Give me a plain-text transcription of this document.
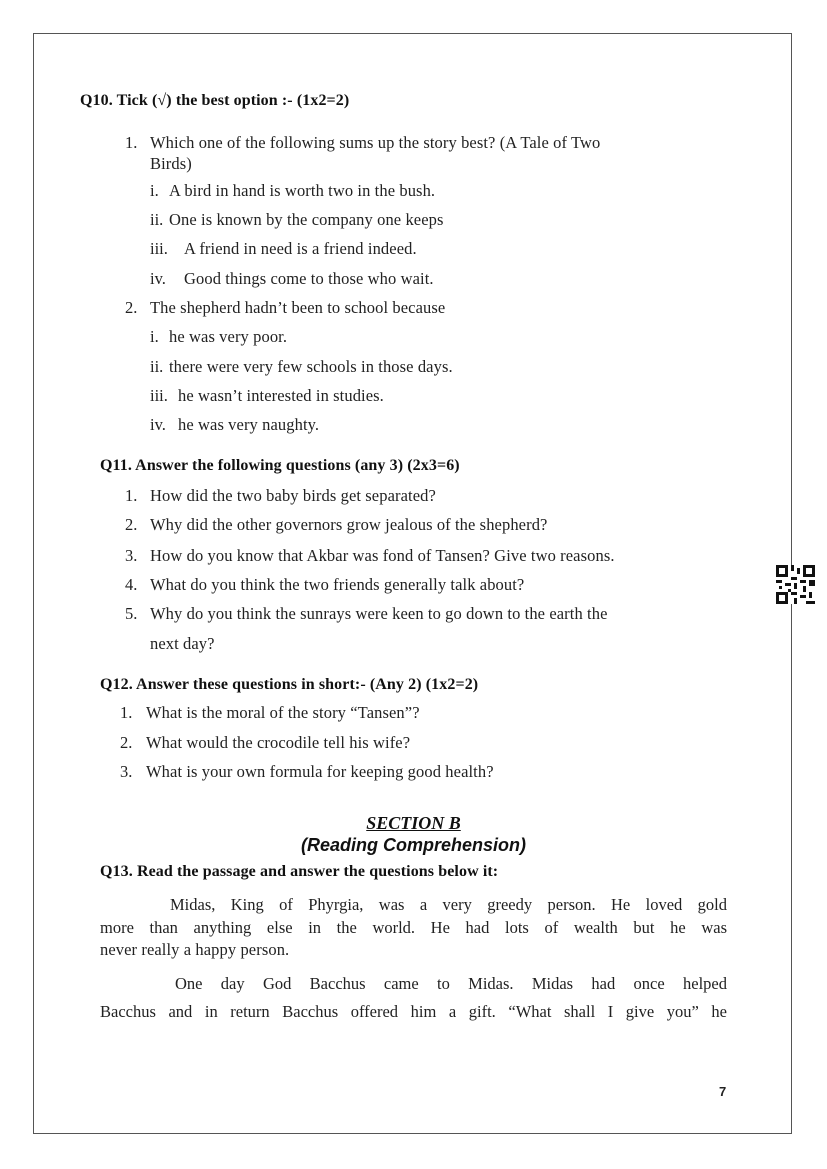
Q10. Tick (√) the best option :- (1x2=2)
1. Which one of the following sums up the story best? (A Tale of Two
Birds)
i. A bird in hand is worth two in the bush.
ii. One is known by the company one keeps
iii. A friend in need is a friend indeed.
iv. Good things come to those who wait.
2. The shepherd hadn’t been to school because
i. he was very poor.
ii. there were very few schools in those days.
iii. he wasn’t interested in studies.
iv. he was very naughty.
Q11. Answer the following questions (any 3) (2x3=6)
1. How did the two baby birds get separated?
2. Why did the other governors grow jealous of the shepherd?
3. How do you know that Akbar was fond of Tansen? Give two reasons.
4. What do you think the two friends generally talk about?
5. Why do you think the sunrays were keen to go down to the earth the
next day?
Q12. Answer these questions in short:- (Any 2) (1x2=2)
1. What is the moral of the story “Tansen”?
2. What would the crocodile tell his wife?
3. What is your own formula for keeping good health?
SECTION B
(Reading Comprehension)
Q13. Read the passage and answer the questions below it:
Midas, King of Phyrgia, was a very greedy person. He loved gold
more than anything else in the world. He had lots of wealth but he was
never really a happy person.
One day God Bacchus came to Midas. Midas had once helped
Bacchus and in return Bacchus offered him a gift. “What shall I give you” he
7
